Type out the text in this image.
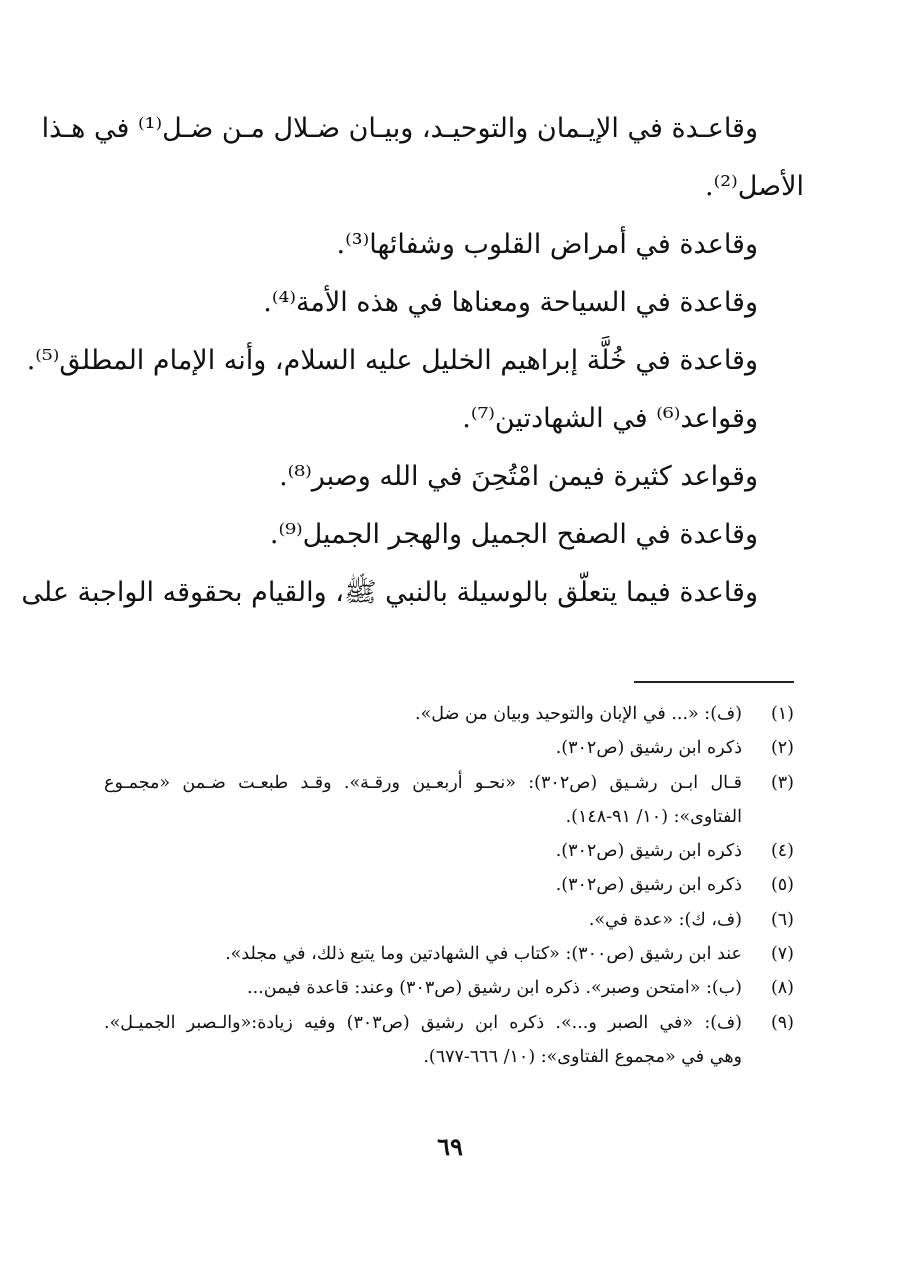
وقاعـدة في الإيـمان والتوحيـد، وبيـان ضـلال مـن ضـل⁽¹⁾ في هـذا

الأصل⁽²⁾.

وقاعدة في أمراض القلوب وشفائها⁽³⁾.

وقاعدة في السياحة ومعناها في هذه الأمة⁽⁴⁾.

وقاعدة في خُلَّة إبراهيم الخليل عليه السلام، وأنه الإمام المطلق⁽⁵⁾.

وقواعد⁽⁶⁾ في الشهادتين⁽⁷⁾.

وقواعد كثيرة فيمن امْتُحِنَ في الله وصبر⁽⁸⁾.

وقاعدة في الصفح الجميل والهجر الجميل⁽⁹⁾.

وقاعدة فيما يتعلّق بالوسيلة بالنبي ﷺ، والقيام بحقوقه الواجبة على

(١)
(ف): «... في الإبان والتوحيد وبيان من ضل».
(٢)
ذكره ابن رشيق (ص٣٠٢).
(٣)
قـال ابـن رشـيق (ص٣٠٢): «نحـو أربعـين ورقـة». وقـد طبعـت ضـمن «مجمـوع
الفتاوى»: (١٠/ ٩١-١٤٨).
(٤)
ذكره ابن رشيق (ص٣٠٢).
(٥)
ذكره ابن رشيق (ص٣٠٢).
(٦)
(ف، ك): «عدة في».
(٧)
عند ابن رشيق (ص٣٠٠): «كتاب في الشهادتين وما يتبع ذلك، في مجلد».
(٨)
(ب): «امتحن وصبر». ذكره ابن رشيق (ص٣٠٣) وعند: قاعدة فيمن...
(٩)
(ف): «في الصبر و...». ذكره ابن رشيق (ص٣٠٣) وفيه زيادة:«والـصبر الجميـل».
وهي في «مجموع الفتاوى»: (١٠/ ٦٦٦-٦٧٧).
٦٩
